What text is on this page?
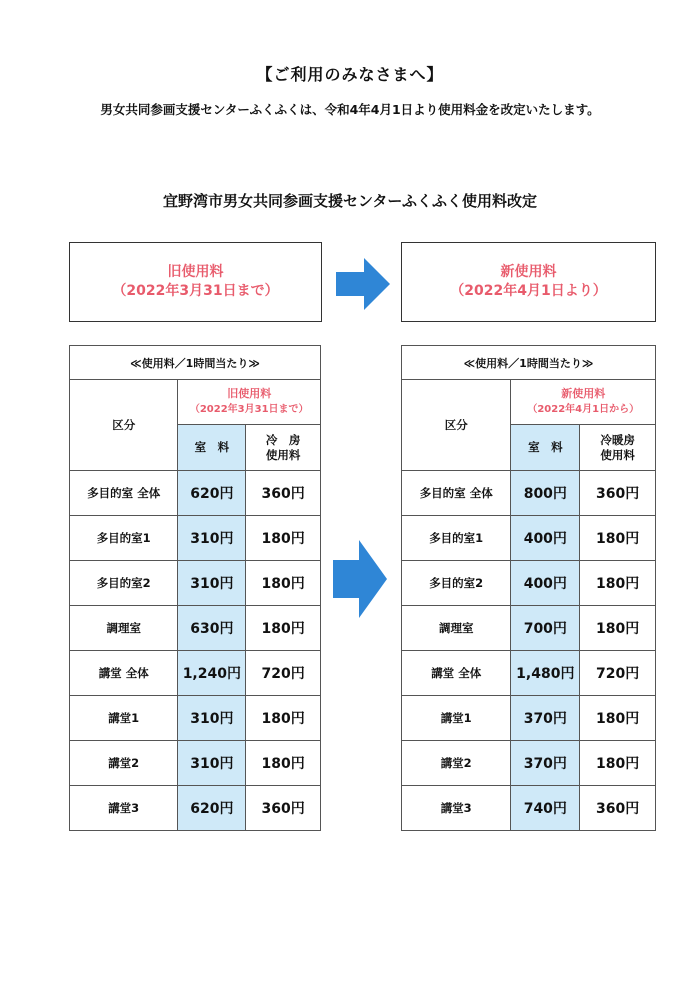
【ご利用のみなさまへ】
男女共同参画支援センターふくふくは、令和4年4月1日より使用料金を改定いたします。
宜野湾市男女共同参画支援センターふくふく使用料改定
旧使用料
（2022年3月31日まで）
新使用料
（2022年4月1日より）
≪使用料／1時間当たり≫		
区分	旧使用料
（2022年3月31日まで）	
	室　料	冷　房
使用料

多目的室 全体	620円	360円
多目的室1	310円	180円
多目的室2	310円	180円
調理室	630円	180円
講堂 全体	1,240円	720円
講堂1	310円	180円
講堂2	310円	180円
講堂3	620円	360円
≪使用料／1時間当たり≫		
区分	新使用料
（2022年4月1日から）	
	室　料	冷暖房
使用料

多目的室 全体	800円	360円
多目的室1	400円	180円
多目的室2	400円	180円
調理室	700円	180円
講堂 全体	1,480円	720円
講堂1	370円	180円
講堂2	370円	180円
講堂3	740円	360円
